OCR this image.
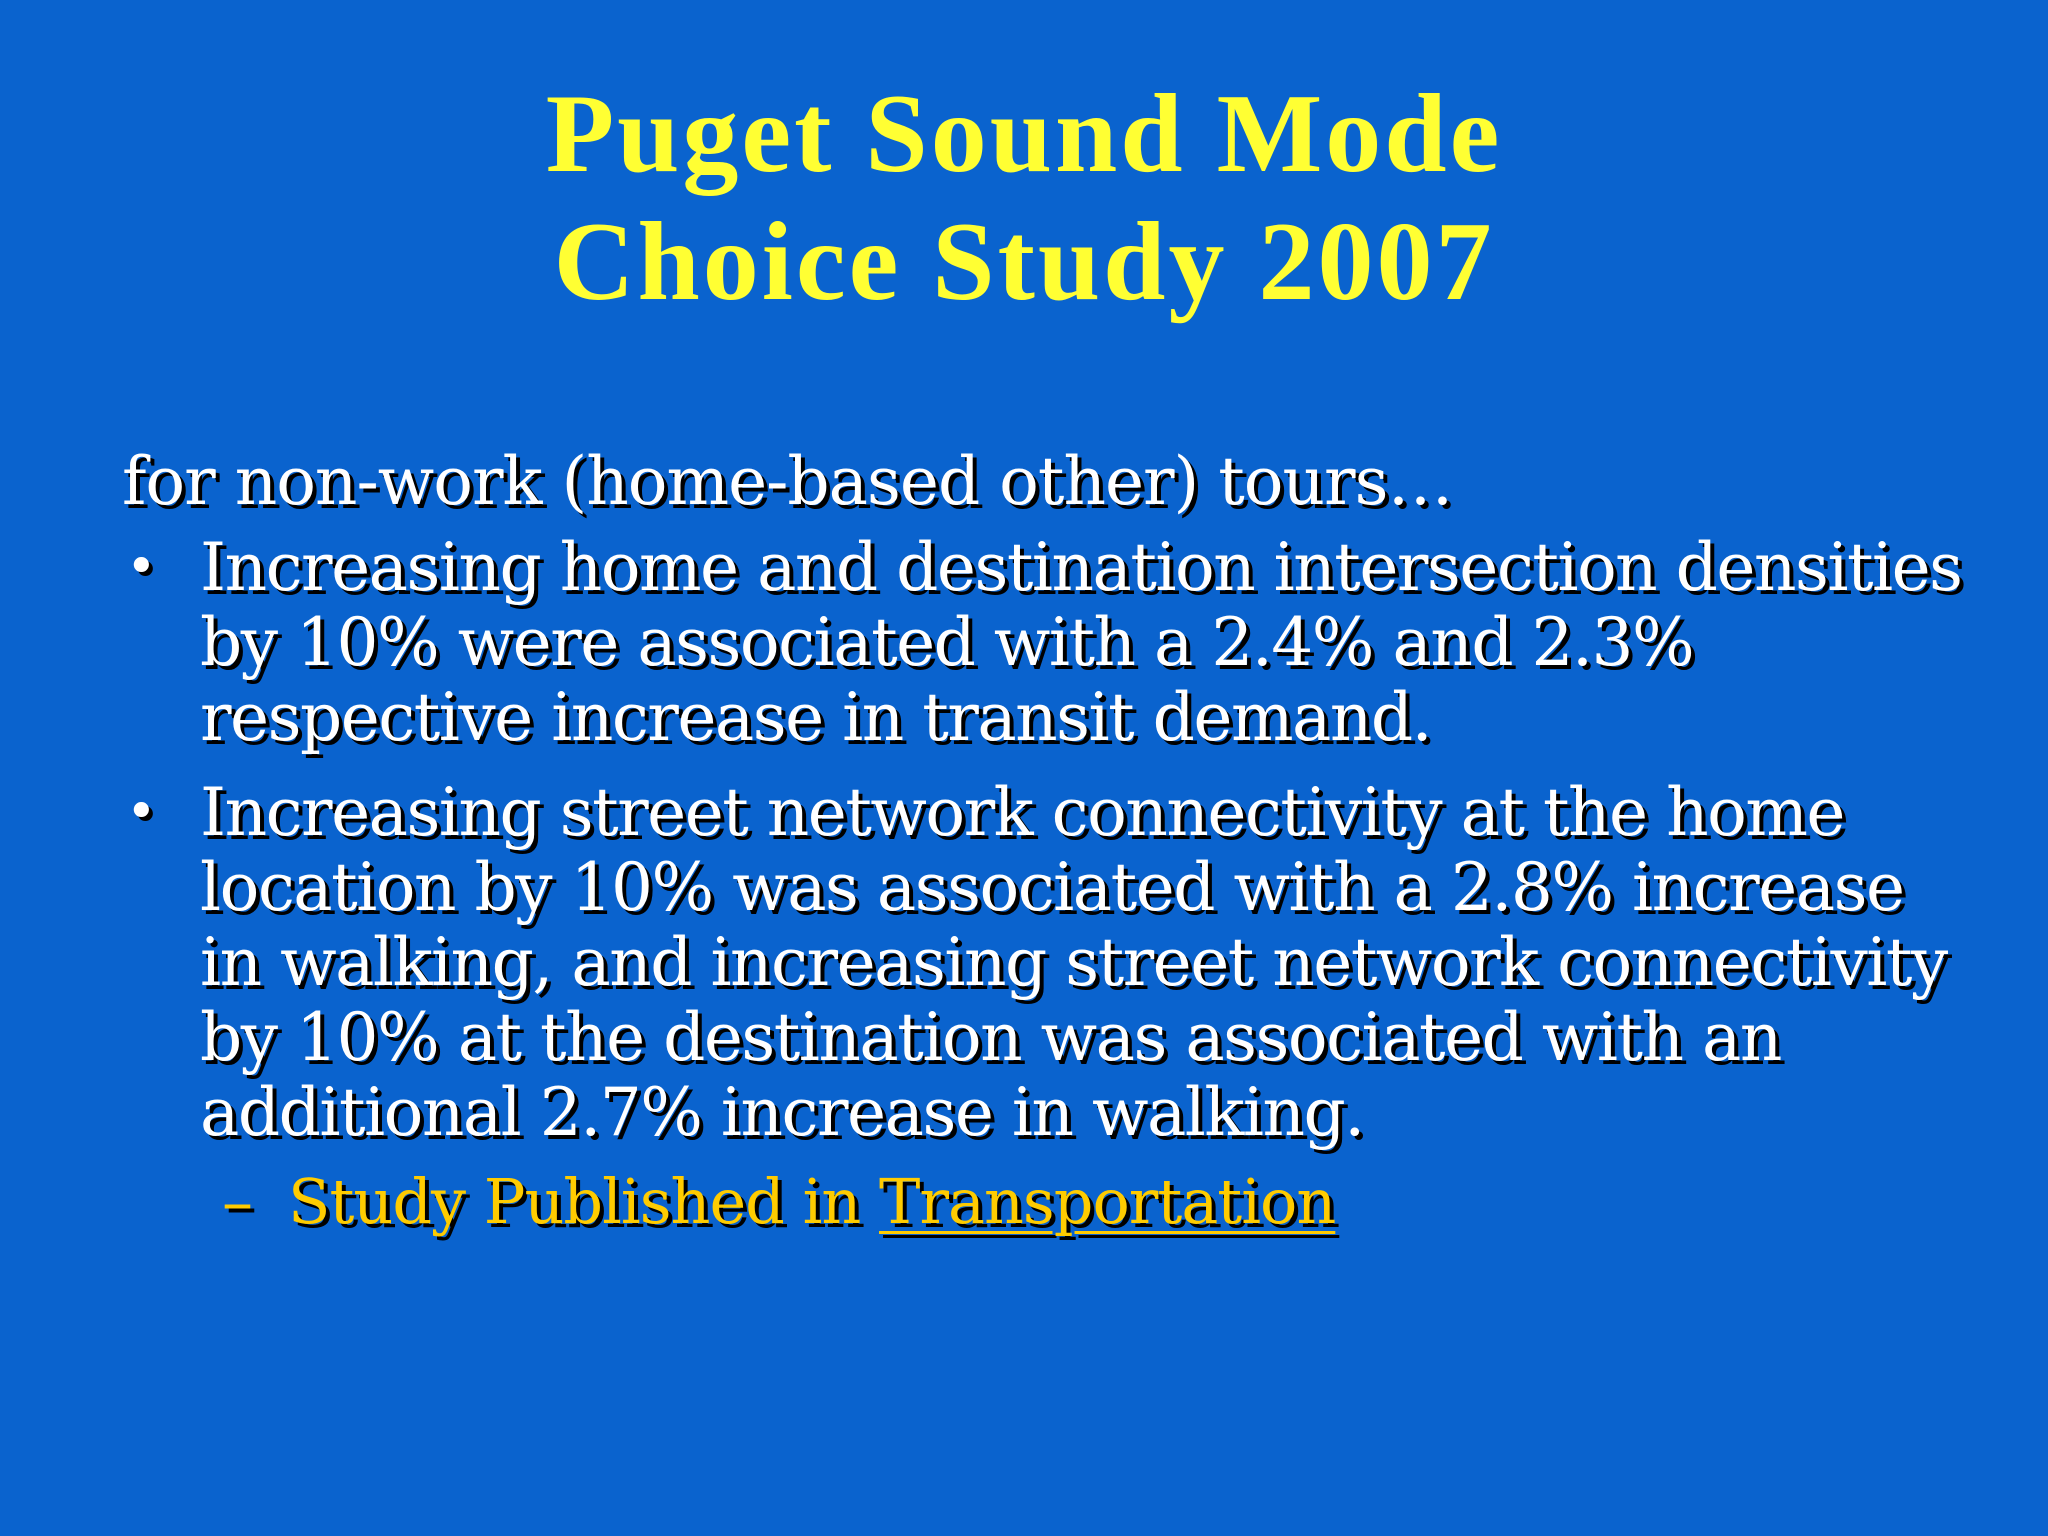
Puget Sound Mode
Choice Study 2007

for non-work (home-based other) tours…

• Increasing home and destination intersection densities by 10% were associated with a 2.4% and 2.3% respective increase in transit demand.
• Increasing street network connectivity at the home location by 10% was associated with a 2.8% increase in walking, and increasing street network connectivity by 10% at the destination was associated with an additional 2.7% increase in walking.
– Study Published in Transportation
